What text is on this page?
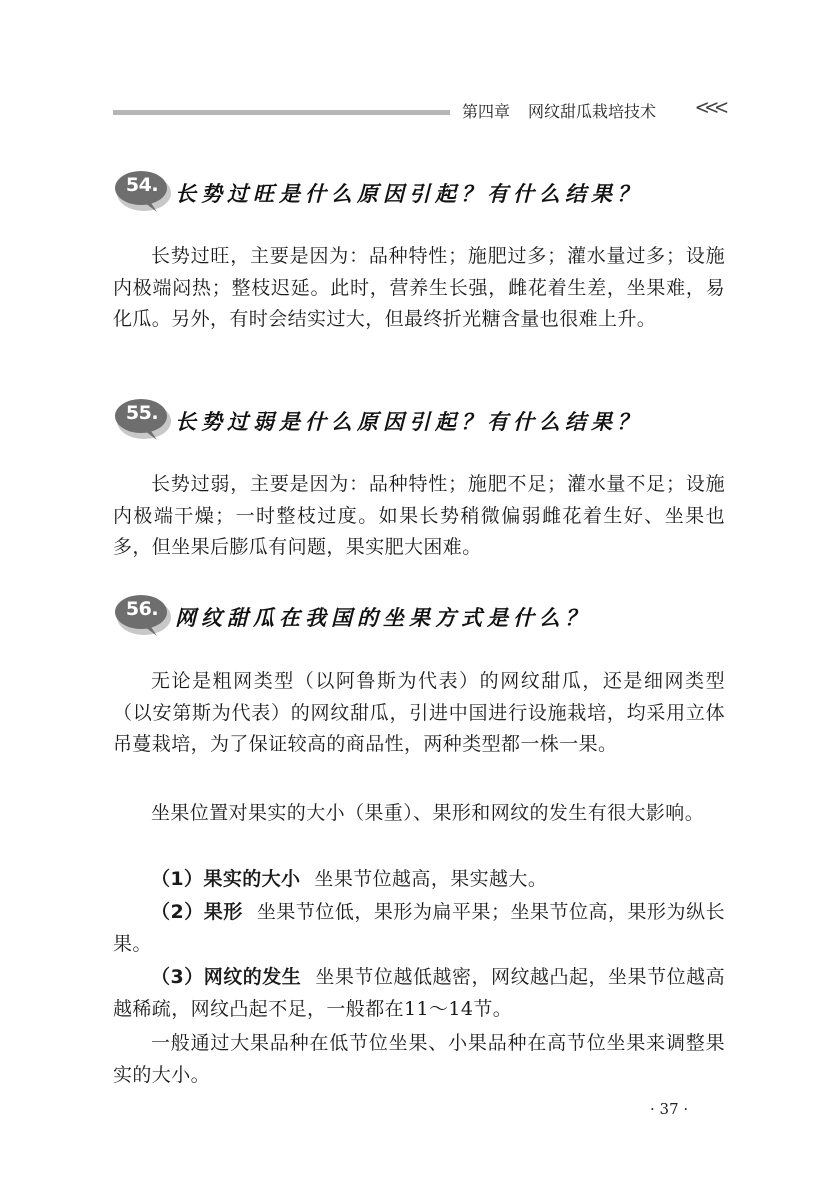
第四章 网纹甜瓜栽培技术 <<<
54. 长势过旺是什么原因引起？有什么结果？
长势过旺，主要是因为：品种特性；施肥过多；灌水量过多；设施内极端闷热；整枝迟延。此时，营养生长强，雌花着生差，坐果难，易化瓜。另外，有时会结实过大，但最终折光糖含量也很难上升。
55. 长势过弱是什么原因引起？有什么结果？
长势过弱，主要是因为：品种特性；施肥不足；灌水量不足；设施内极端干燥；一时整枝过度。如果长势稍微偏弱雌花着生好、坐果也多，但坐果后膨瓜有问题，果实肥大困难。
56. 网纹甜瓜在我国的坐果方式是什么？
无论是粗网类型（以阿鲁斯为代表）的网纹甜瓜，还是细网类型（以安第斯为代表）的网纹甜瓜，引进中国进行设施栽培，均采用立体吊蔓栽培，为了保证较高的商品性，两种类型都一株一果。
坐果位置对果实的大小（果重）、果形和网纹的发生有很大影响。
（1）果实的大小 坐果节位越高，果实越大。
（2）果形 坐果节位低，果形为扁平果；坐果节位高，果形为纵长果。
（3）网纹的发生 坐果节位越低越密，网纹越凸起，坐果节位越高越稀疏，网纹凸起不足，一般都在11～14节。
一般通过大果品种在低节位坐果、小果品种在高节位坐果来调整果实的大小。
· 37 ·
